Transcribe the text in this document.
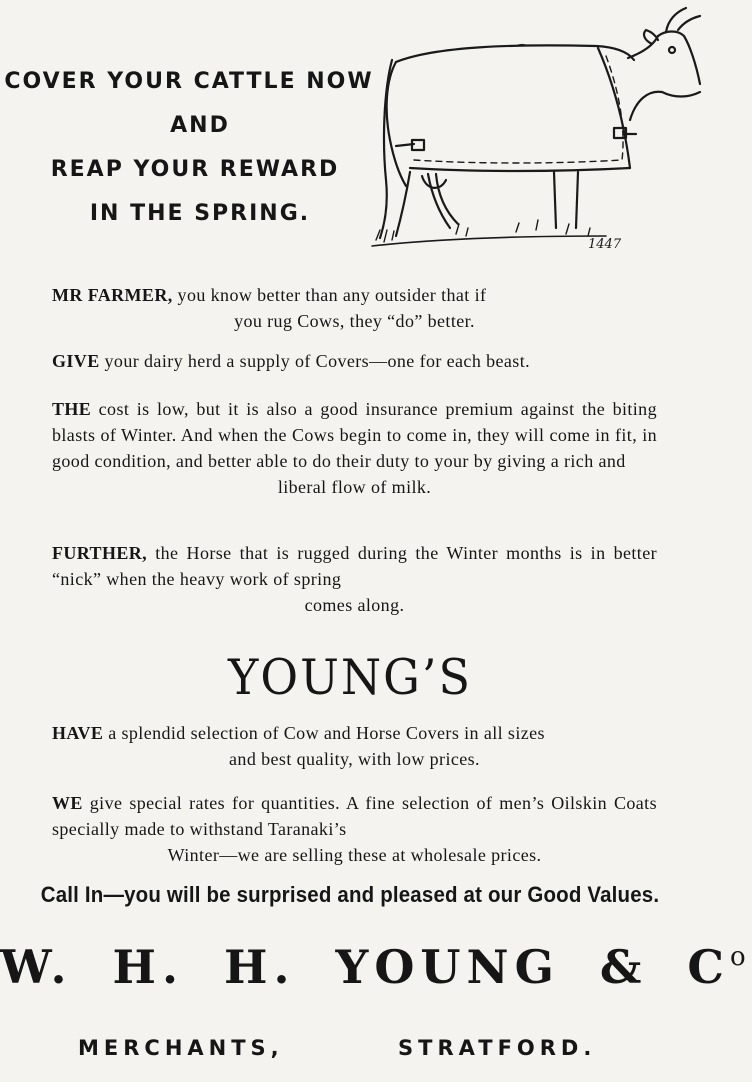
COVER YOUR CATTLE NOW
AND
REAP YOUR REWARD
IN THE SPRING.
1447
MR FARMER, you know better than any outsider that if
you rug Cows, they “do” better.
GIVE your dairy herd a supply of Covers—one for each beast.
THE cost is low, but it is also a good insurance premium against the biting blasts of Winter. And when the Cows begin to come in, they will come in fit, in good condition, and better able to do their duty to your by giving a rich and
liberal flow of milk.
FURTHER, the Horse that is rugged during the Winter months is in better “nick” when the heavy work of spring
comes along.
YOUNG’S
HAVE a splendid selection of Cow and Horse Covers in all sizes
and best quality, with low prices.
WE give special rates for quantities. A fine selection of men’s Oilskin Coats specially made to withstand Taranaki’s
Winter—we are selling these at wholesale prices.
Call In—you will be surprised and pleased at our Good Values.
W. H. H. YOUNG & $C^o$
MERCHANTS,	STRATFORD.
